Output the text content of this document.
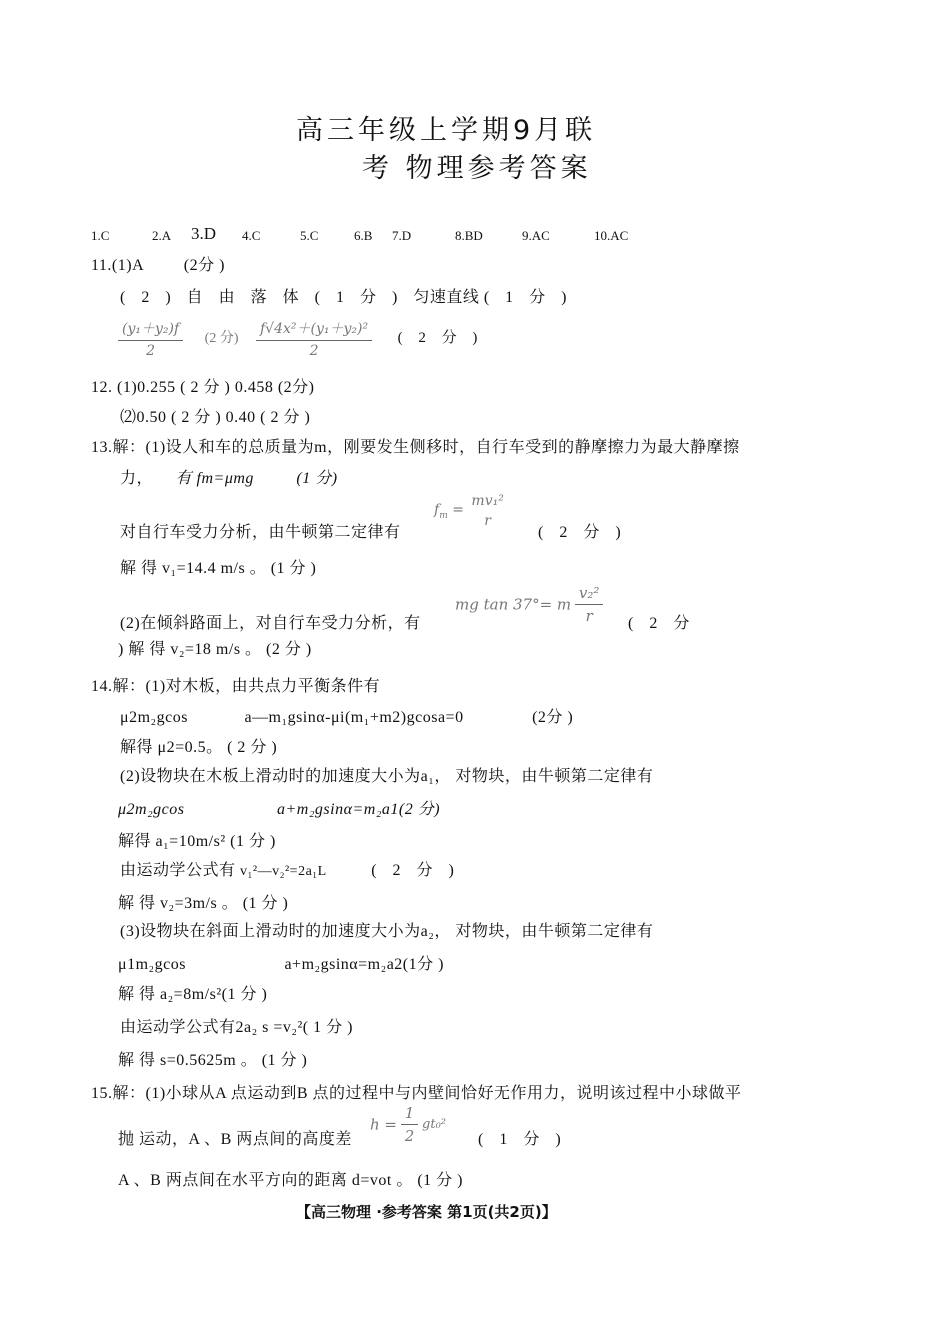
高三年级上学期9月联
考 物理参考答案
1.C	2.A 3.D 4.C	5.C	6.B 7.D	8.BD	9.AC	10.AC
11.(1)A	(2分 )
( 2 ) 自 由 落 体 ( 1 分 ) 匀速直线 ( 1 分 )
$\frac{\text{(y₁＋y₂)f}}{2} (2$ 分) $\frac{\text{f√4x²＋(y₁＋y₂)²}}{2}$ ( 2 分 )
12. (1)0.255 ( 2 分 ) 0.458 (2分)
⑵0.50 ( 2 分 ) 0.40 ( 2 分 )
13.解：(1)设人和车的总质量为m，刚要发生侧移时，自行车受到的静摩擦力为最大静摩擦
力， 有 fm=μmg	(1 分)
对自行车受力分析，由牛顿第二定律有
$f_m$ =
mv₁²
r
( 2 分 )
解 得 v₁=14.4 m/s 。 (1 分 )
(2)在倾斜路面上，对自行车受力分析，有
mg tan 37°= m $\frac{\text{v₂²}}{r}$ ( 2 分
) 解 得 v₂=18 m/s 。 (2 分 )
14.解：(1)对木板，由共点力平衡条件有
μ2m₂gcos	a—m₁gsinα-μi(m₁+m2)gcosa=0	(2分 )
解得 μ2=0.5。 ( 2 分 )
(2)设物块在木板上滑动时的加速度大小为a₁， 对物块，由牛顿第二定律有
μ2m₂gcos	a+m₂gsinα=m₂a1(2 分)
解得 a₁=10m/s² (1 分 )
由运动学公式有 v₁²—v₂²=2a₁L	( 2 分 )
解 得 v₂=3m/s 。 (1 分 )
(3)设物块在斜面上滑动时的加速度大小为a₂， 对物块，由牛顿第二定律有
μ1m₂gcos	a+m₂gsinα=m₂a2(1分 )
解 得 a₂=8m/s²(1 分 )
由运动学公式有2a₂ s =v₂²( 1 分 )
解 得 s=0.5625m 。 (1 分 )
15.解：(1)小球从A 点运动到B 点的过程中与内壁间恰好无作用力，说明该过程中小球做平
抛 运动，A 、B 两点间的高度差
$h = \frac{1}{2} gt_0^2$
( 1 分 )
A 、B 两点间在水平方向的距离 d=vot 。 (1 分 )
【高三物理 ·参考答案 第1页(共2页)】
